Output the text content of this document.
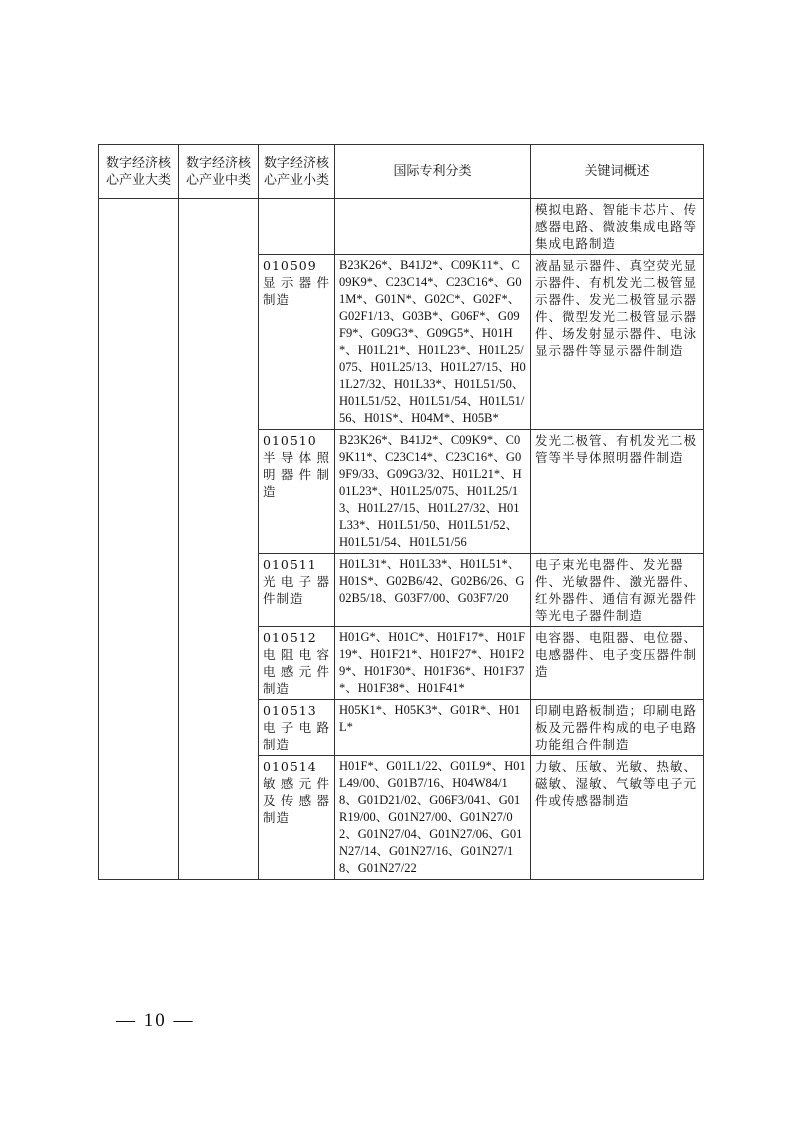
数字经济核心产业大类	数字经济核心产业中类	数字经济核心产业小类	国际专利分类	关键词概述
				模拟电路、智能卡芯片、传感器电路、微波集成电路等集成电路制造
		010509 显示器件制造	B23K26*、B41J2*、C09K11*、C09K9*、C23C14*、C23C16*、G01M*、G01N*、G02C*、G02F*、G02F1/13、G03B*、G06F*、G09F9*、G09G3*、G09G5*、H01H*、H01L21*、H01L23*、H01L25/075、H01L25/13、H01L27/15、H01L27/32、H01L33*、H01L51/50、H01L51/52、H01L51/54、H01L51/56、H01S*、H04M*、H05B*	液晶显示器件、真空荧光显示器件、有机发光二极管显示器件、发光二极管显示器件、微型发光二极管显示器件、场发射显示器件、电泳显示器件等显示器件制造
		010510 半导体照明器件制造	B23K26*、B41J2*、C09K9*、C09K11*、C23C14*、C23C16*、G09F9/33、G09G3/32、H01L21*、H01L23*、H01L25/075、H01L25/13、H01L27/15、H01L27/32、H01L33*、H01L51/50、H01L51/52、H01L51/54、H01L51/56	发光二极管、有机发光二极管等半导体照明器件制造
		010511 光电子器件制造	H01L31*、H01L33*、H01L51*、H01S*、G02B6/42、G02B6/26、G02B5/18、G03F7/00、G03F7/20	电子束光电器件、发光器件、光敏器件、激光器件、红外器件、通信有源光器件等光电子器件制造
		010512 电阻电容电感元件制造	H01G*、H01C*、H01F17*、H01F19*、H01F21*、H01F27*、H01F29*、H01F30*、H01F36*、H01F37*、H01F38*、H01F41*	电容器、电阻器、电位器、电感器件、电子变压器件制造
		010513 电子电路制造	H05K1*、H05K3*、G01R*、H01L*	印刷电路板制造；印刷电路板及元器件构成的电子电路功能组合件制造
		010514 敏感元件及传感器制造	H01F*、G01L1/22、G01L9*、H01L49/00、G01B7/16、H04W84/18、G01D21/02、G06F3/041、G01R19/00、G01N27/00、G01N27/02、G01N27/04、G01N27/06、G01N27/14、G01N27/16、G01N27/18、G01N27/22	力敏、压敏、光敏、热敏、磁敏、湿敏、气敏等电子元件或传感器制造
— 10 —
